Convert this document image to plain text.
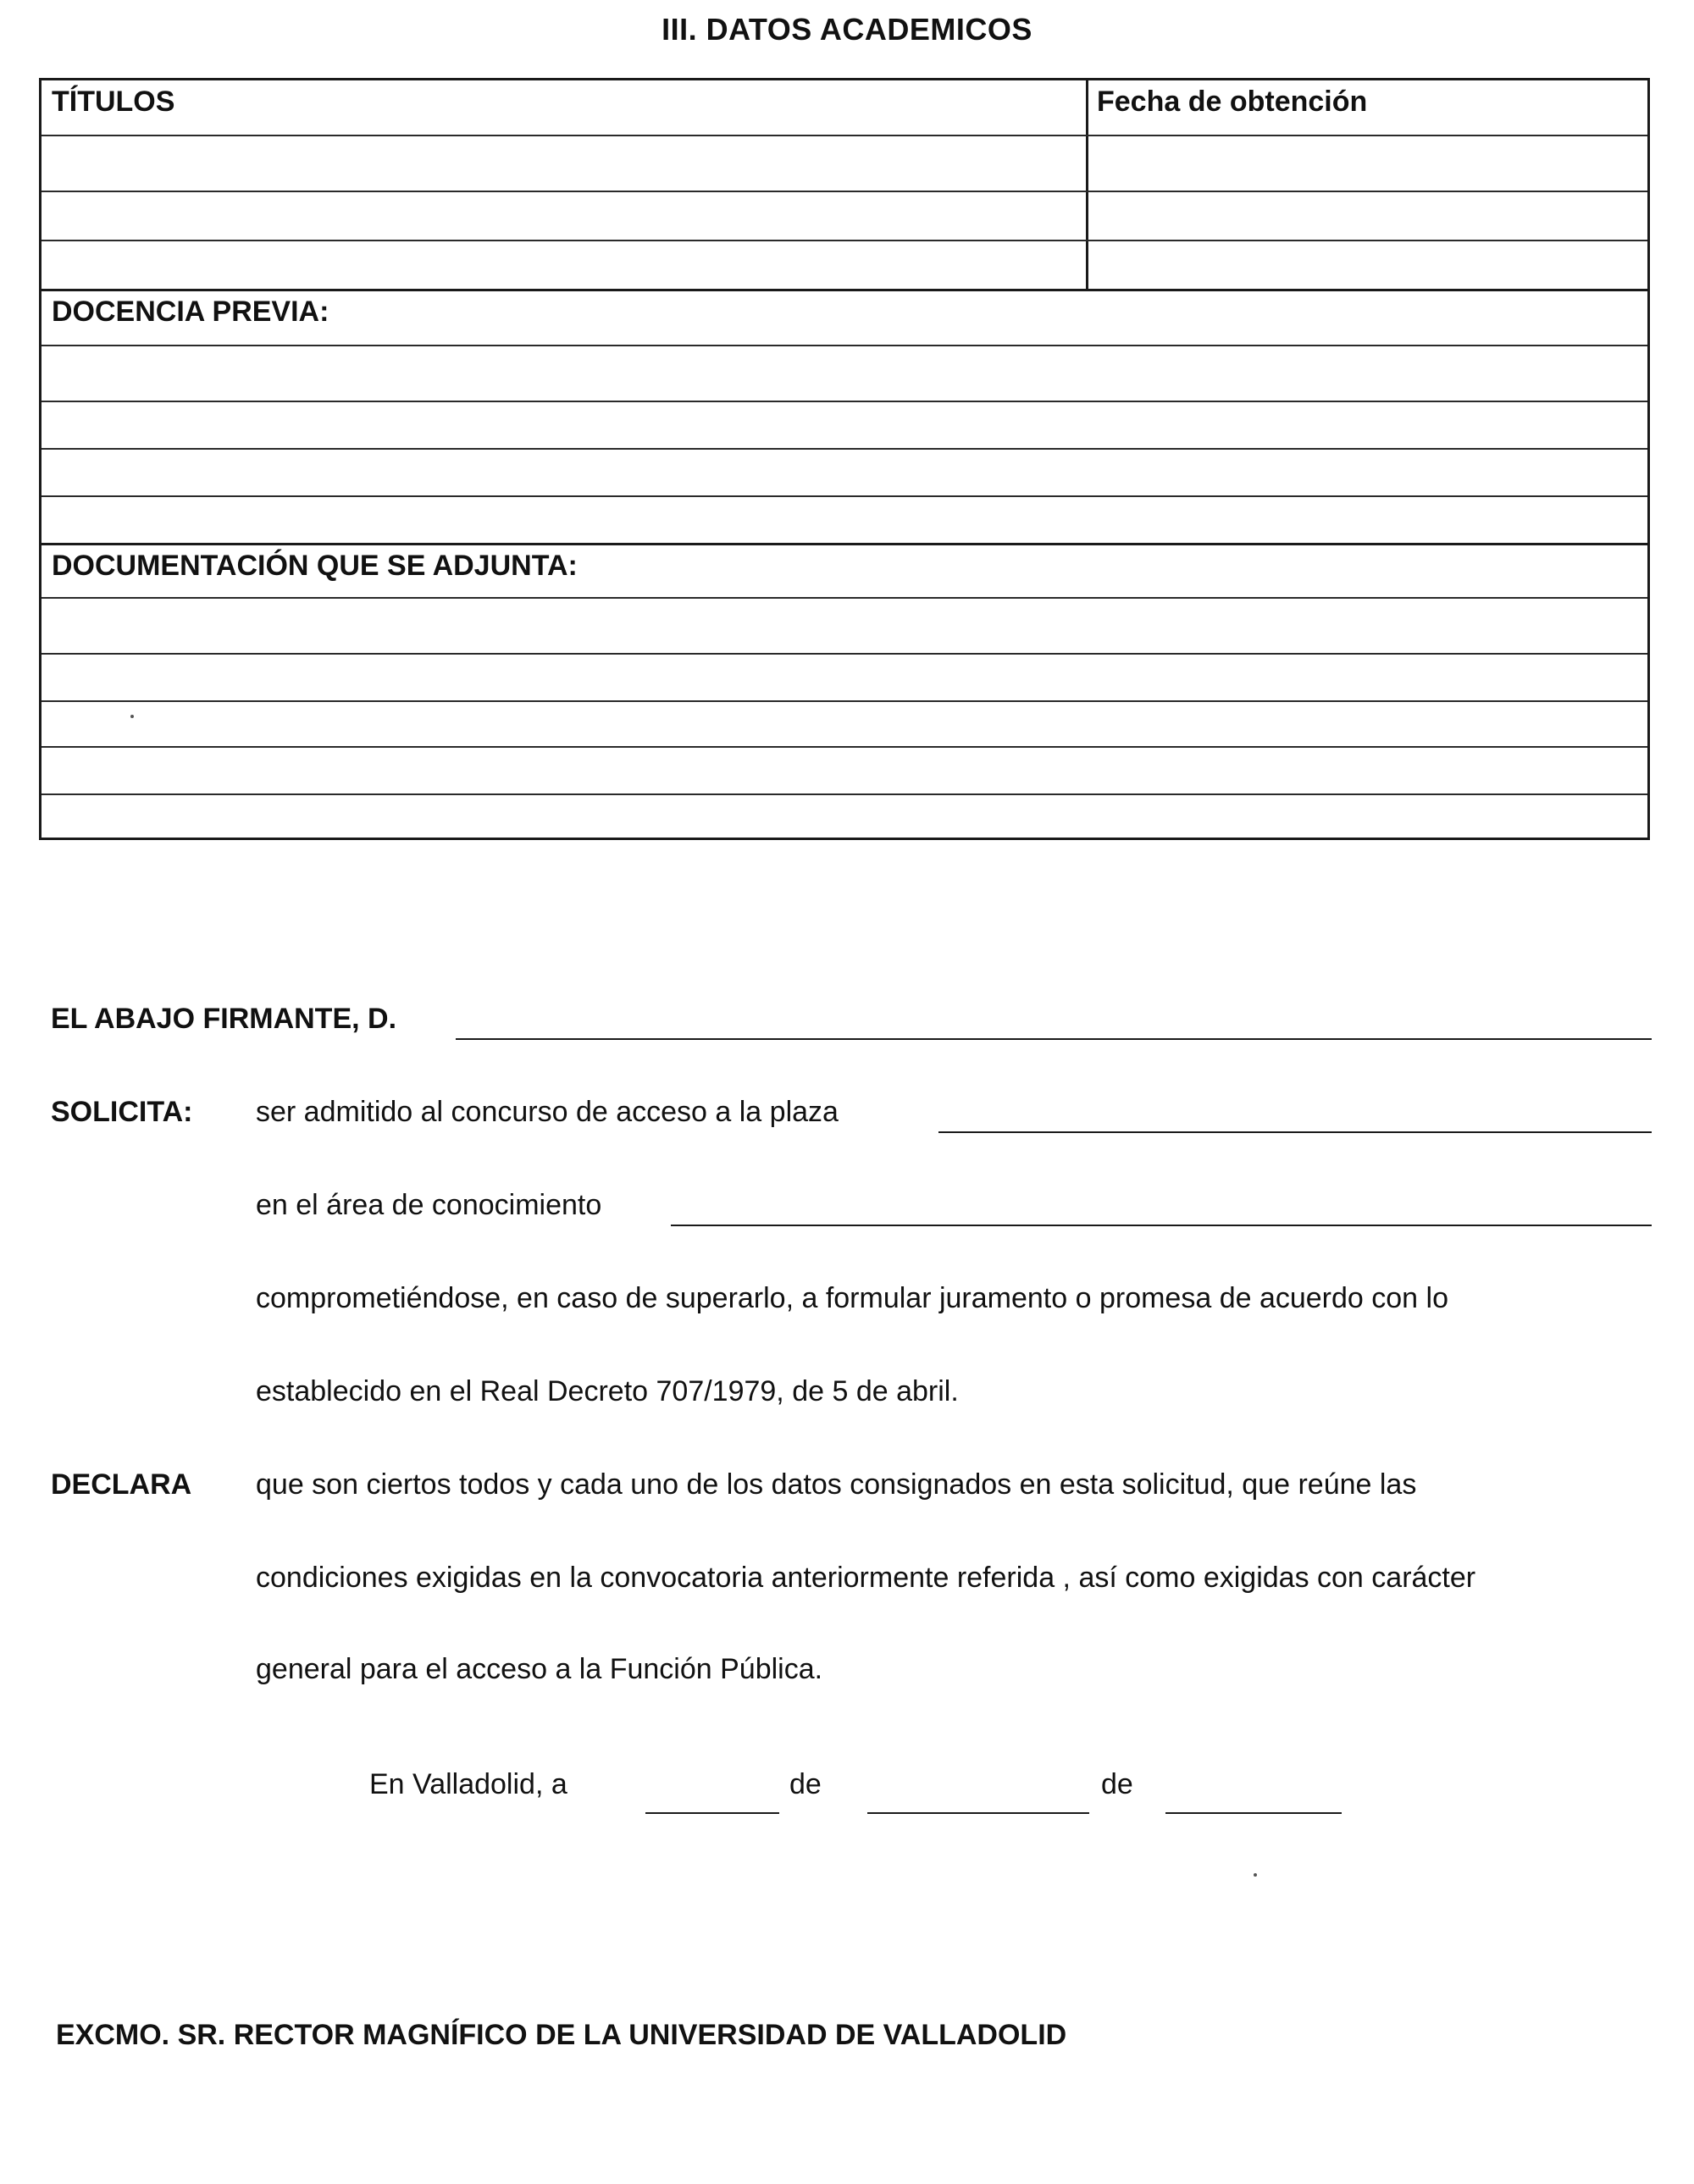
III. DATOS ACADEMICOS
TÍTULOS	Fecha de obtención
DOCENCIA PREVIA:
DOCUMENTACIÓN QUE SE ADJUNTA:
EL ABAJO FIRMANTE, D.
SOLICITA: ser admitido al concurso de acceso a la plaza
en el área de conocimiento
comprometiéndose, en caso de superarlo, a formular juramento o promesa de acuerdo con lo
establecido en el Real Decreto 707/1979, de 5 de abril.
DECLARA que son ciertos todos y cada uno de los datos consignados en esta solicitud, que reúne las
condiciones exigidas en la convocatoria anteriormente referida , así como exigidas con carácter
general para el acceso a la Función Pública.
En Valladolid, a	de	de
EXCMO. SR. RECTOR MAGNÍFICO DE LA UNIVERSIDAD DE VALLADOLID
